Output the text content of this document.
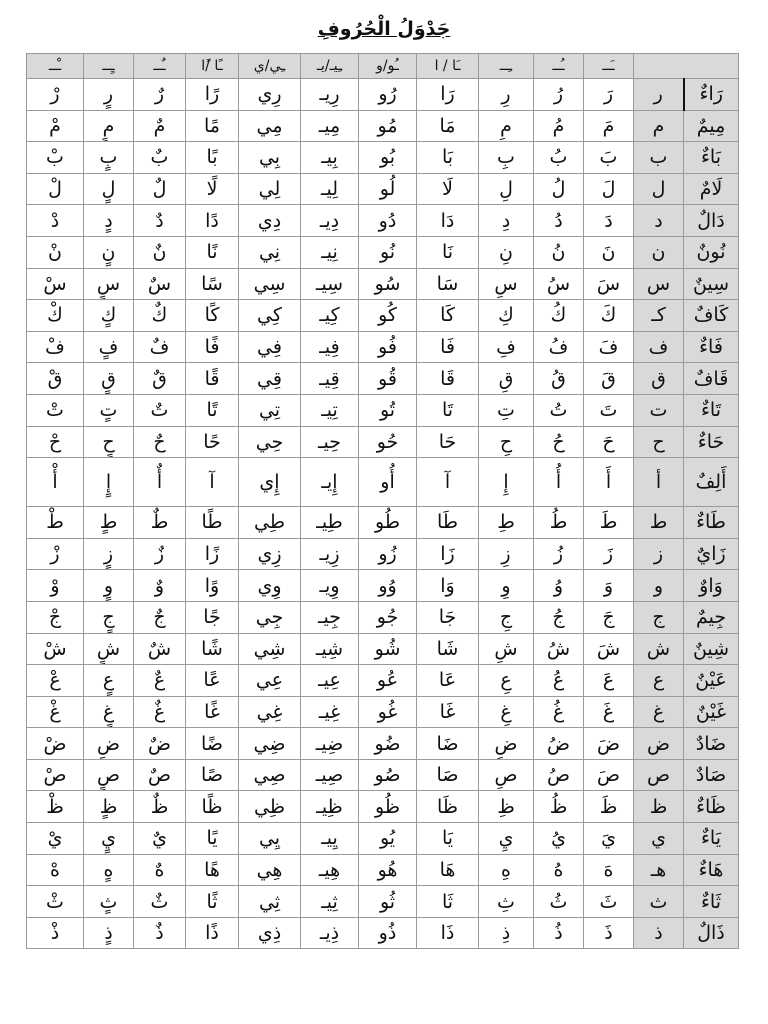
جَدْوَلُ الْحُرُوفِ
		ـَــ	ـُــ	ـِــ	ـَا / ا	ـُو/و	ـِيـ/يـ	ـِي/ي	ـًا /ًا	ـٌــ	ـٍــ	ـْــ
رَاءٌ	ر	رَ	رُ	رِ	رَا	رُو	رِيـ	رِي	رًا	رٌ	رٍ	رْ
مِيمٌ	م	مَ	مُ	مِ	مَا	مُو	مِيـ	مِي	مًا	مٌ	مٍ	مْ
بَاءٌ	ب	بَ	بُ	بِ	بَا	بُو	بِيـ	بِي	بًا	بٌ	بٍ	بْ
لَامٌ	ل	لَ	لُ	لِ	لَا	لُو	لِيـ	لِي	لًا	لٌ	لٍ	لْ
دَالٌ	د	دَ	دُ	دِ	دَا	دُو	دِيـ	دِي	دًا	دٌ	دٍ	دْ
نُونٌ	ن	نَ	نُ	نِ	نَا	نُو	نِيـ	نِي	نًا	نٌ	نٍ	نْ
سِينٌ	س	سَ	سُ	سِ	سَا	سُو	سِيـ	سِي	سًا	سٌ	سٍ	سْ
كَافٌ	كـ	كَ	كُ	كِ	كَا	كُو	كِيـ	كِي	كًا	كٌ	كٍ	كْ
فَاءٌ	ف	فَ	فُ	فِ	فَا	فُو	فِيـ	فِي	فًا	فٌ	فٍ	فْ
قَافٌ	ق	قَ	قُ	قِ	قَا	قُو	قِيـ	قِي	قًا	قٌ	قٍ	قْ
تَاءٌ	ت	تَ	تُ	تِ	تَا	تُو	تِيـ	تِي	تًا	تٌ	تٍ	تْ
حَاءٌ	ح	حَ	حُ	حِ	حَا	حُو	حِيـ	حِي	حًا	حٌ	حٍ	حْ
أَلِفٌ	أ	أَ	أُ	إِ	آ	أُو	إِيـ	إِي	آ	أٌ	إٍ	أْ
طَاءٌ	ط	طَ	طُ	طِ	طَا	طُو	طِيـ	طِي	طًا	طٌ	طٍ	طْ
زَايٌ	ز	زَ	زُ	زِ	زَا	زُو	زِيـ	زِي	زًا	زٌ	زٍ	زْ
وَاوٌ	و	وَ	وُ	وِ	وَا	وُو	وِيـ	وِي	وًا	وٌ	وٍ	وْ
جِيمٌ	ج	جَ	جُ	جِ	جَا	جُو	جِيـ	جِي	جًا	جٌ	جٍ	جْ
شِينٌ	ش	شَ	شُ	شِ	شَا	شُو	شِيـ	شِي	شًا	شٌ	شٍ	شْ
عَيْنٌ	ع	عَ	عُ	عِ	عَا	عُو	عِيـ	عِي	عًا	عٌ	عٍ	عْ
غَيْنٌ	غ	غَ	غُ	غِ	غَا	غُو	غِيـ	غِي	غًا	غٌ	غٍ	غْ
ضَادٌ	ض	ضَ	ضُ	ضِ	ضَا	ضُو	ضِيـ	ضِي	ضًا	ضٌ	ضٍ	ضْ
صَادٌ	ص	صَ	صُ	صِ	صَا	صُو	صِيـ	صِي	صًا	صٌ	صٍ	صْ
ظَاءٌ	ظ	ظَ	ظُ	ظِ	ظَا	ظُو	ظِيـ	ظِي	ظًا	ظٌ	ظٍ	ظْ
يَاءٌ	ي	يَ	يُ	يِ	يَا	يُو	يِيـ	يِي	يًا	يٌ	يٍ	يْ
هَاءٌ	هـ	هَ	هُ	هِ	هَا	هُو	هِيـ	هِي	هًا	هٌ	هٍ	هْ
ثَاءٌ	ث	ثَ	ثُ	ثِ	ثَا	ثُو	ثِيـ	ثِي	ثًا	ثٌ	ثٍ	ثْ
ذَالٌ	ذ	ذَ	ذُ	ذِ	ذَا	ذُو	ذِيـ	ذِي	ذًا	ذٌ	ذٍ	ذْ
